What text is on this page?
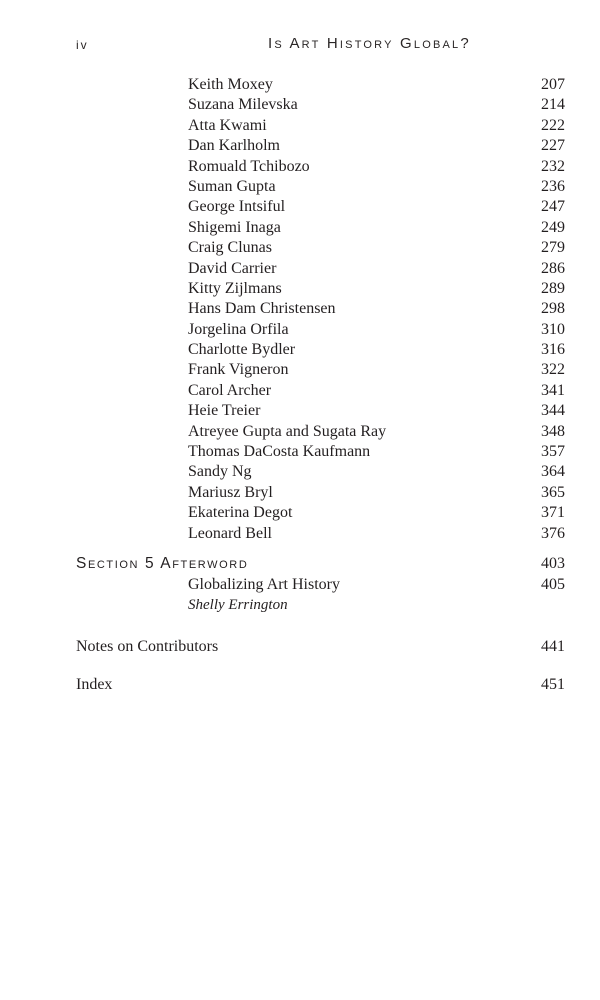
iv	Is Art History Global?
Keith Moxey	207
Suzana Milevska	214
Atta Kwami	222
Dan Karlholm	227
Romuald Tchibozo	232
Suman Gupta	236
George Intsiful	247
Shigemi Inaga	249
Craig Clunas	279
David Carrier	286
Kitty Zijlmans	289
Hans Dam Christensen	298
Jorgelina Orfila	310
Charlotte Bydler	316
Frank Vigneron	322
Carol Archer	341
Heie Treier	344
Atreyee Gupta and Sugata Ray	348
Thomas DaCosta Kaufmann	357
Sandy Ng	364
Mariusz Bryl	365
Ekaterina Degot	371
Leonard Bell	376
Section 5 Afterword	403
Globalizing Art History	405
Shelly Errington
Notes on Contributors	441
Index	451
